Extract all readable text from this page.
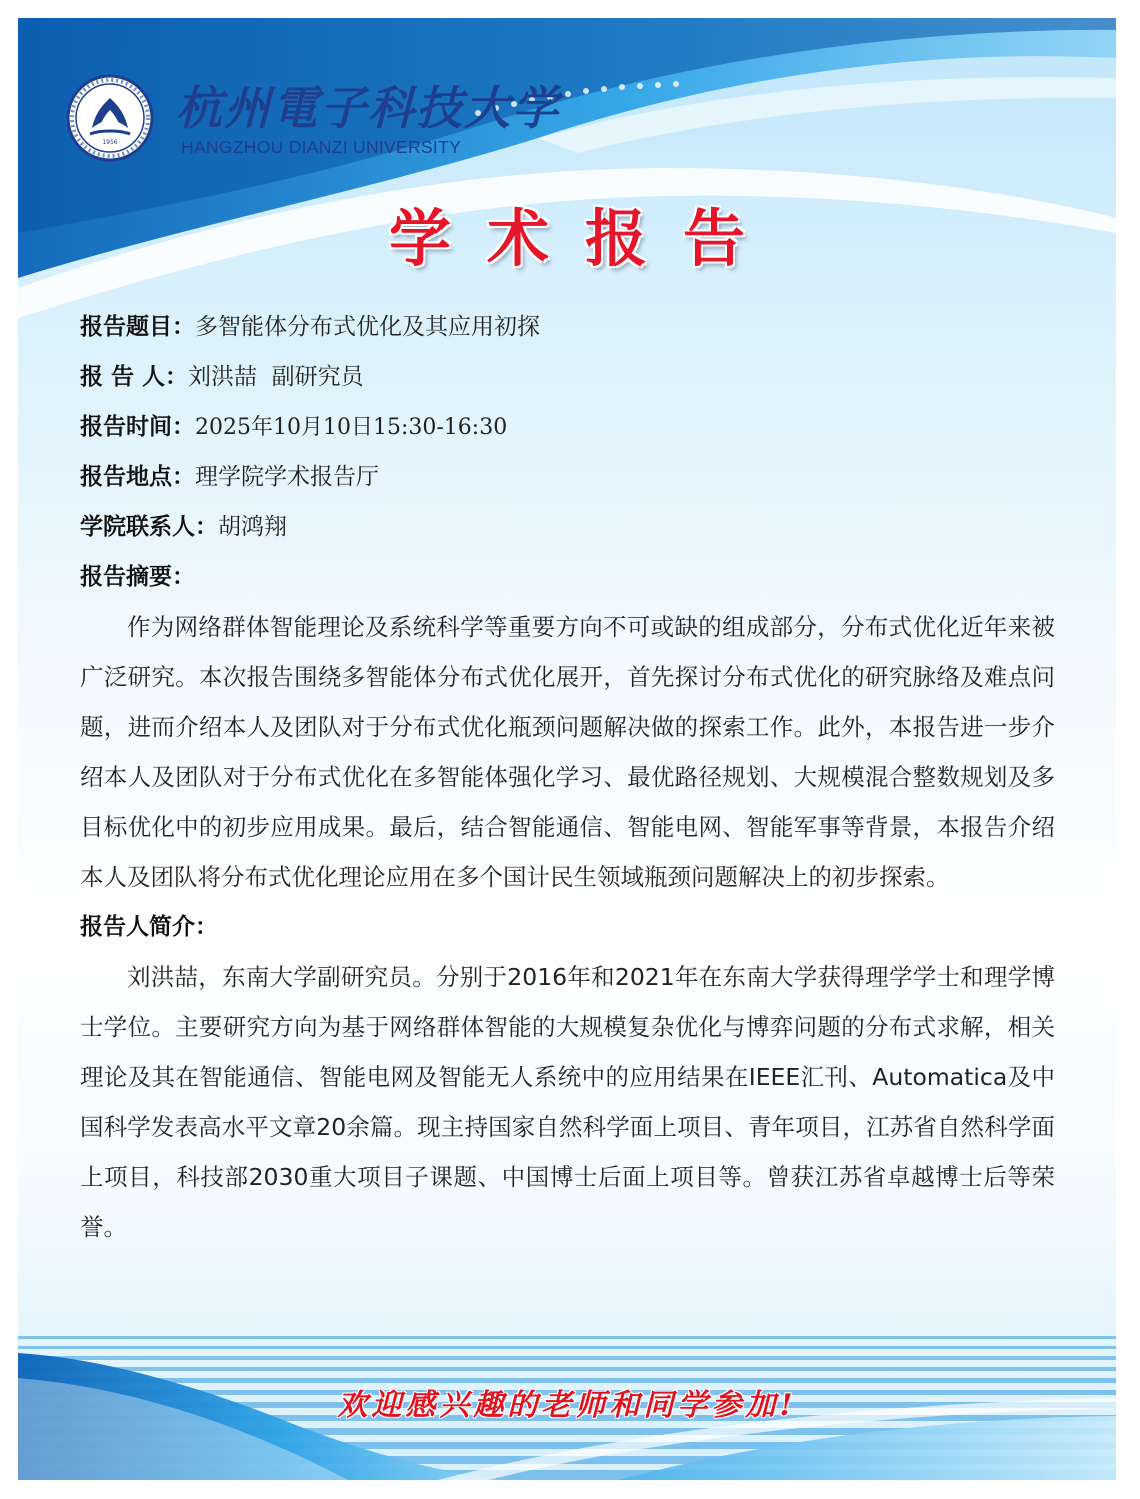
1956
杭州電子科技大学
HANGZHOU DIANZI UNIVERSITY
学术报告
报告题目：多智能体分布式优化及其应用初探
报 告 人：刘洪喆  副研究员
报告时间：2025年10月10日15:30-16:30
报告地点：理学院学术报告厅
学院联系人：胡鸿翔
报告摘要：

作为网络群体智能理论及系统科学等重要方向不可或缺的组成部分，分布式优化近年来被广泛研究。本次报告围绕多智能体分布式优化展开，首先探讨分布式优化的研究脉络及难点问题，进而介绍本人及团队对于分布式优化瓶颈问题解决做的探索工作。此外，本报告进一步介绍本人及团队对于分布式优化在多智能体强化学习、最优路径规划、大规模混合整数规划及多目标优化中的初步应用成果。最后，结合智能通信、智能电网、智能军事等背景，本报告介绍本人及团队将分布式优化理论应用在多个国计民生领域瓶颈问题解决上的初步探索。

报告人简介：

刘洪喆，东南大学副研究员。分别于2016年和2021年在东南大学获得理学学士和理学博士学位。主要研究方向为基于网络群体智能的大规模复杂优化与博弈问题的分布式求解，相关理论及其在智能通信、智能电网及智能无人系统中的应用结果在IEEE汇刊、Automatica及中国科学发表高水平文章20余篇。现主持国家自然科学面上项目、青年项目，江苏省自然科学面上项目，科技部2030重大项目子课题、中国博士后面上项目等。曾获江苏省卓越博士后等荣誉。

欢迎感兴趣的老师和同学参加!
